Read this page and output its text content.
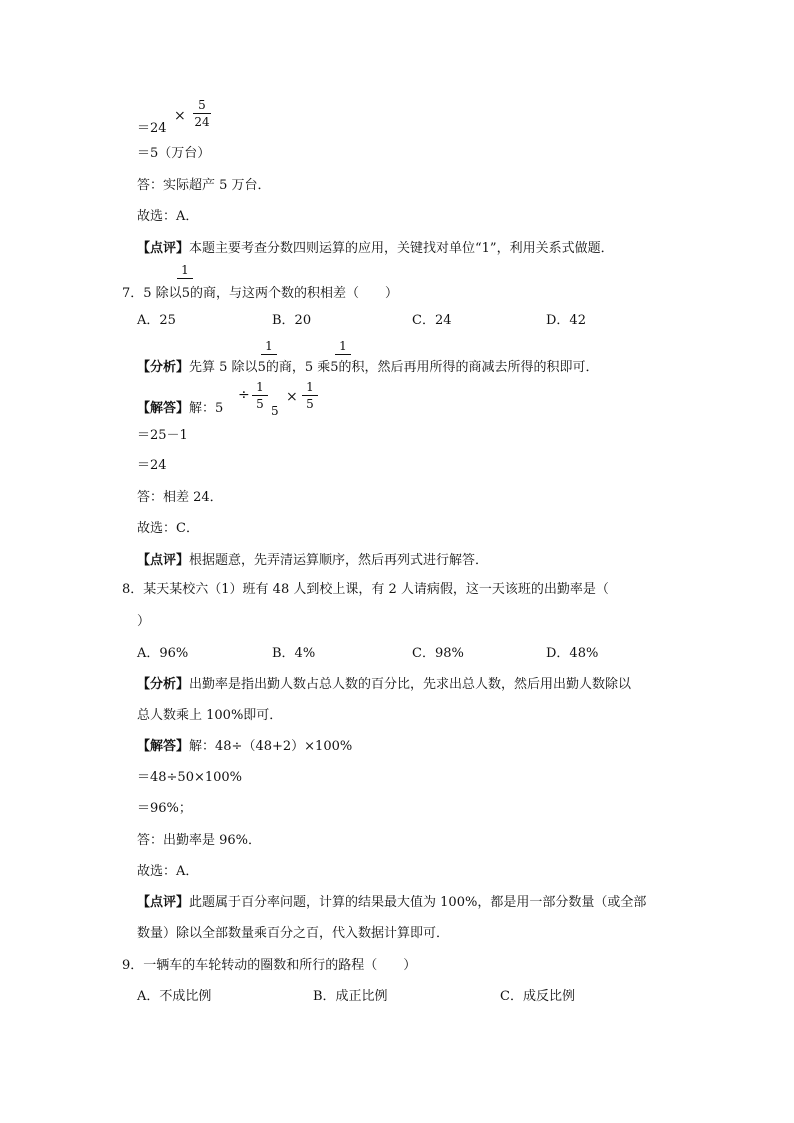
＝24
×
5
24
＝5（万台）
答：实际超产 5 万台．
故选：A．
【点评】本题主要考查分数四则运算的应用，关键找对单位“1”，利用关系式做题．
1
7．5 除以5的商，与这两个数的积相差（　　）
A．25	B．20	C．24	D．42
1	1
【分析】先算 5 除以5的商，5 乘5的积，然后再用所得的商减去所得的积即可．
【解答】解：5
÷ 1
5 5
×
1
5
＝25－1
＝24
答：相差 24．
故选：C．
【点评】根据题意，先弄清运算顺序，然后再列式进行解答．
8．某天某校六（1）班有 48 人到校上课，有 2 人请病假，这一天该班的出勤率是（
）
A．96%	B．4%	C．98%	D．48%
【分析】出勤率是指出勤人数占总人数的百分比，先求出总人数，然后用出勤人数除以
总人数乘上 100%即可．
【解答】解：48÷（48+2）×100%
＝48÷50×100%
＝96%；
答：出勤率是 96%．
故选：A．
【点评】此题属于百分率问题，计算的结果最大值为 100%，都是用一部分数量（或全部
数量）除以全部数量乘百分之百，代入数据计算即可．
9．一辆车的车轮转动的圈数和所行的路程（　　）
A．不成比例	B．成正比例	C．成反比例
